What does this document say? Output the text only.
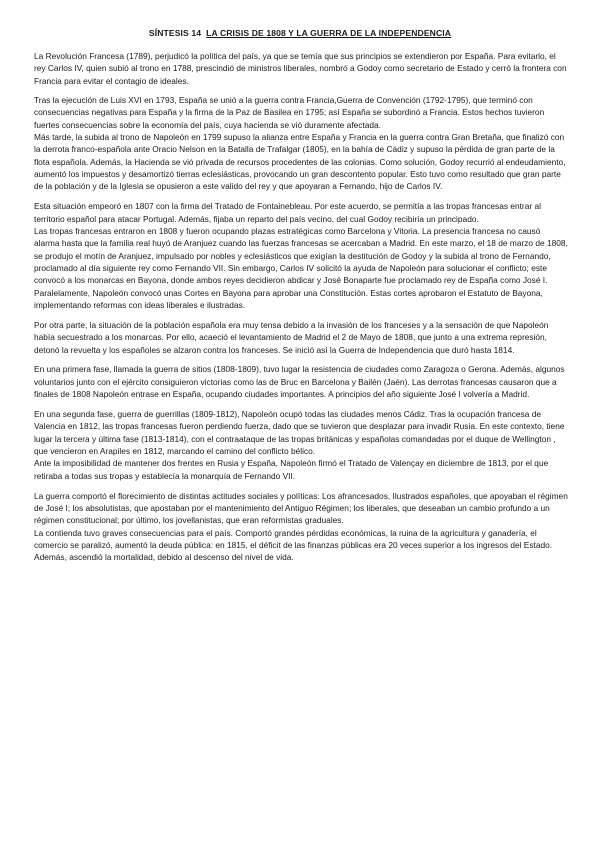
SÍNTESIS 14 LA CRISIS DE 1808 Y LA GUERRA DE LA INDEPENDENCIA

La Revolución Francesa (1789), perjudicó la política del país, ya que se temía que sus principios se extendieron por España. Para evitarlo, el rey Carlos IV, quien subió al trono en 1788, prescindió de ministros liberales, nombró a Godoy como secretario de Estado y cerró la frontera con Francia para evitar el contagio de ideales.

Tras la ejecución de Luis XVI en 1793, España se unió a la guerra contra Francia,Guerra de Convención (1792-1795), que terminó con consecuencias negativas para España y la firma de la Paz de Basilea en 1795; así España se subordinó a Francia. Estos hechos tuvieron fuertes consecuencias sobre la economía del país, cuya hacienda se vió duramente afectada.

Más tarde, la subida al trono de Napoleón en 1799 supuso la alianza entre España y Francia en la guerra contra Gran Bretaña, que finalizó con la derrota franco-española ante Oracio Nelson en la Batalla de Trafalgar (1805), en la bahía de Cádiz y supuso la pérdida de gran parte de la flota española. Además, la Hacienda se vió privada de recursos procedentes de las colonias. Como solución, Godoy recurrió al endeudamiento, aumentó los impuestos y desamortizó tierras eclesiásticas, provocando un gran descontento popular. Esto tuvo como resultado que gran parte de la población y de la Iglesia se opusieron a este valido del rey y que apoyaran a Fernando, hijo de Carlos IV.

Esta situación empeoró en 1807 con la firma del Tratado de Fontainebleau. Por este acuerdo, se permitía a las tropas francesas entrar al territorio español para atacar Portugal. Además, fijaba un reparto del país vecino, del cual Godoy recibiría un principado.

Las tropas francesas entraron en 1808 y fueron ocupando plazas estratégicas como Barcelona y Vitoria. La presencia francesa no causó alarma hasta que la familia real huyó de Aranjuez cuando las fuerzas francesas se acercaban a Madrid. En este marzo, el 18 de marzo de 1808, se produjo el motín de Aranjuez, impulsado por nobles y eclesiásticos que exigían la destitución de Godoy y la subida al trono de Fernando, proclamado al día siguiente rey como Fernando VII. Sin embargo, Carlos IV solicitó la ayuda de Napoleón para solucionar el conflicto; este convocó a los monarcas en Bayona, donde ambos reyes decidieron abdicar y José Bonaparte fue proclamado rey de España como José I. Paralelamente, Napoleón convocó unas Cortes en Bayona para aprobar una Constitución. Estas cortes aprobaron el Estatuto de Bayona, implementando reformas con ideas liberales e ilustradas.

Por otra parte, la situación de la población española era muy tensa debido a la invasión de los franceses y a la sensación de que Napoleón había secuestrado a los monarcas. Por ello, acaeció el levantamiento de Madrid el 2 de Mayo de 1808, que junto a una extrema represión, detonó la revuelta y los españoles se alzaron contra los franceses. Se inició así la Guerra de Independencia que duró hasta 1814.

En una primera fase, llamada la guerra de sitios (1808-1809), tuvo lugar la resistencia de ciudades como Zaragoza o Gerona. Además, algunos voluntarios junto con el ejército consiguieron victorias como las de Bruc en Barcelona y Bailén (Jaén). Las derrotas francesas causaron que a finales de 1808 Napoleón entrase en España, ocupando ciudades importantes. A principios del año siguiente José I volvería a Madrid.

En una segunda fase, guerra de guerrillas (1809-1812), Napoleón ocupó todas las ciudades menos Cádiz. Tras la ocupación francesa de Valencia en 1812, las tropas francesas fueron perdiendo fuerza, dado que se tuvieron que desplazar para invadir Rusia. En este contexto, tiene lugar la tercera y última fase (1813-1814), con el contraataque de las tropas británicas y españolas comandadas por el duque de Wellington , que vencieron en Arapiles en 1812, marcando el camino del conflicto bélico.

Ante la imposibilidad de mantener dos frentes en Rusia y España, Napoleón firmó el Tratado de Valençay en diciembre de 1813, por el que retiraba a todas sus tropas y establecía la monarquía de Fernando VII.

La guerra comportó el florecimiento de distintas actitudes sociales y políticas: Los afrancesados, Ilustrados españoles, que apoyaban el régimen de José I; los absolutistas, que apostaban por el mantenimiento del Antiguo Régimen; los liberales, que deseaban un cambio profundo a un régimen constitucional; por último, los jovellanistas, que eran reformistas graduales.

La contienda tuvo graves consecuencias para el país. Comportó grandes pérdidas económicas, la ruina de la agricultura y ganadería, el comercio se paralizó, aumentó la deuda pública: en 1815, el déficit de las finanzas públicas era 20 veces superior a los ingresos del Estado. Además, ascendió la mortalidad, debido al descenso del nivel de vida.
